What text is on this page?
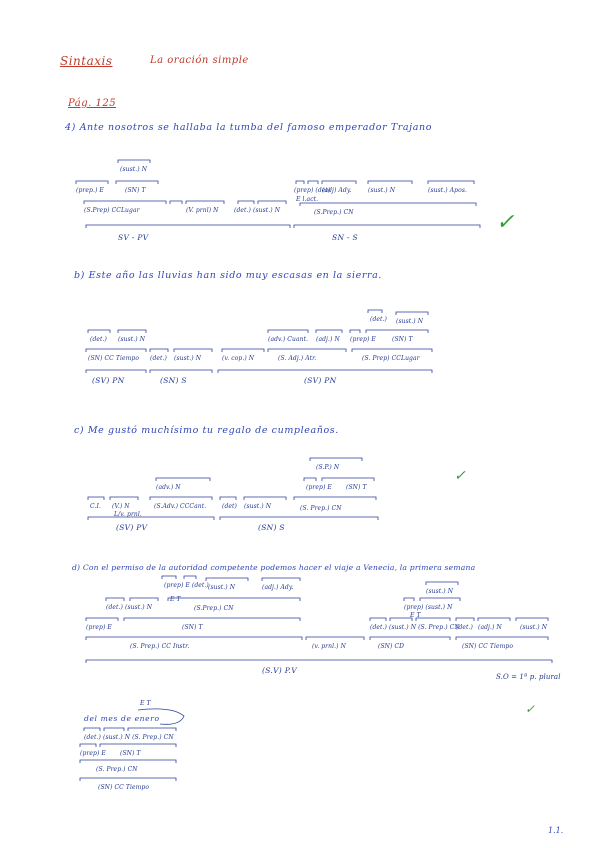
Sintaxis	La oración simple
Pág. 125
4) Ante nosotros se hallaba la tumba del famoso emperador Trajano
(sust.) N
(prep.) E	(SN) T
(S.Prep) CCLugar	(V. prnl) N	(det.) (sust.) N
(prep) (det)
E l.act.
(adj) Ady.	(sust.) N	(sust.) Apos.
(S.Prep.) CN
SV - PV	SN - S
✓
b) Este año las lluvias han sido muy escasas en la sierra.
(det.) (sust.) N
(det.) (sust.) N	(adv.) Cuant. (adj.) N (prep) E	(SN) T
(SN) CC Tiempo (det.) (sust.) N	(v. cop.) N	(S. Adj.) Atr.	(S. Prep) CCLugar
(SV) PN	(SN) S	(SV) PN
c) Me gustó muchísimo tu regalo de cumpleaños.
(S.P.) N
(prep) E (SN) T
(adv.) N
C.I. (V.) N
L/v. prnl.
(S.Adv.) CCCant.	(det) (sust.) N	(S. Prep.) CN
(SV) PV	(SN) S
✓
d) Con el permiso de la autoridad competente podemos hacer el viaje a Venecia, la primera semana
(prep) E (det.) (sust.) N	(adj.) Ady.
(sust.) N
(det.) (sust.) N
E T
(S.Prep.) CN	(prep) (sust.) N
E T
(prep) E	(SN) T	(det.) (sust.) N (S. Prep.) CN
(det.) (adj.) N	(sust.) N
(S. Prep.) CC Instr.	(v. prnl.) N	(SN) CD	(SN) CC Tiempo
(S.V) P.V
S.O = 1ª p. plural
✓
E T
del mes de enero
(det.) (sust.) N (S. Prep.) CN
(prep) E (SN) T
(S. Prep.) CN
(SN) CC Tiempo
1.1.
